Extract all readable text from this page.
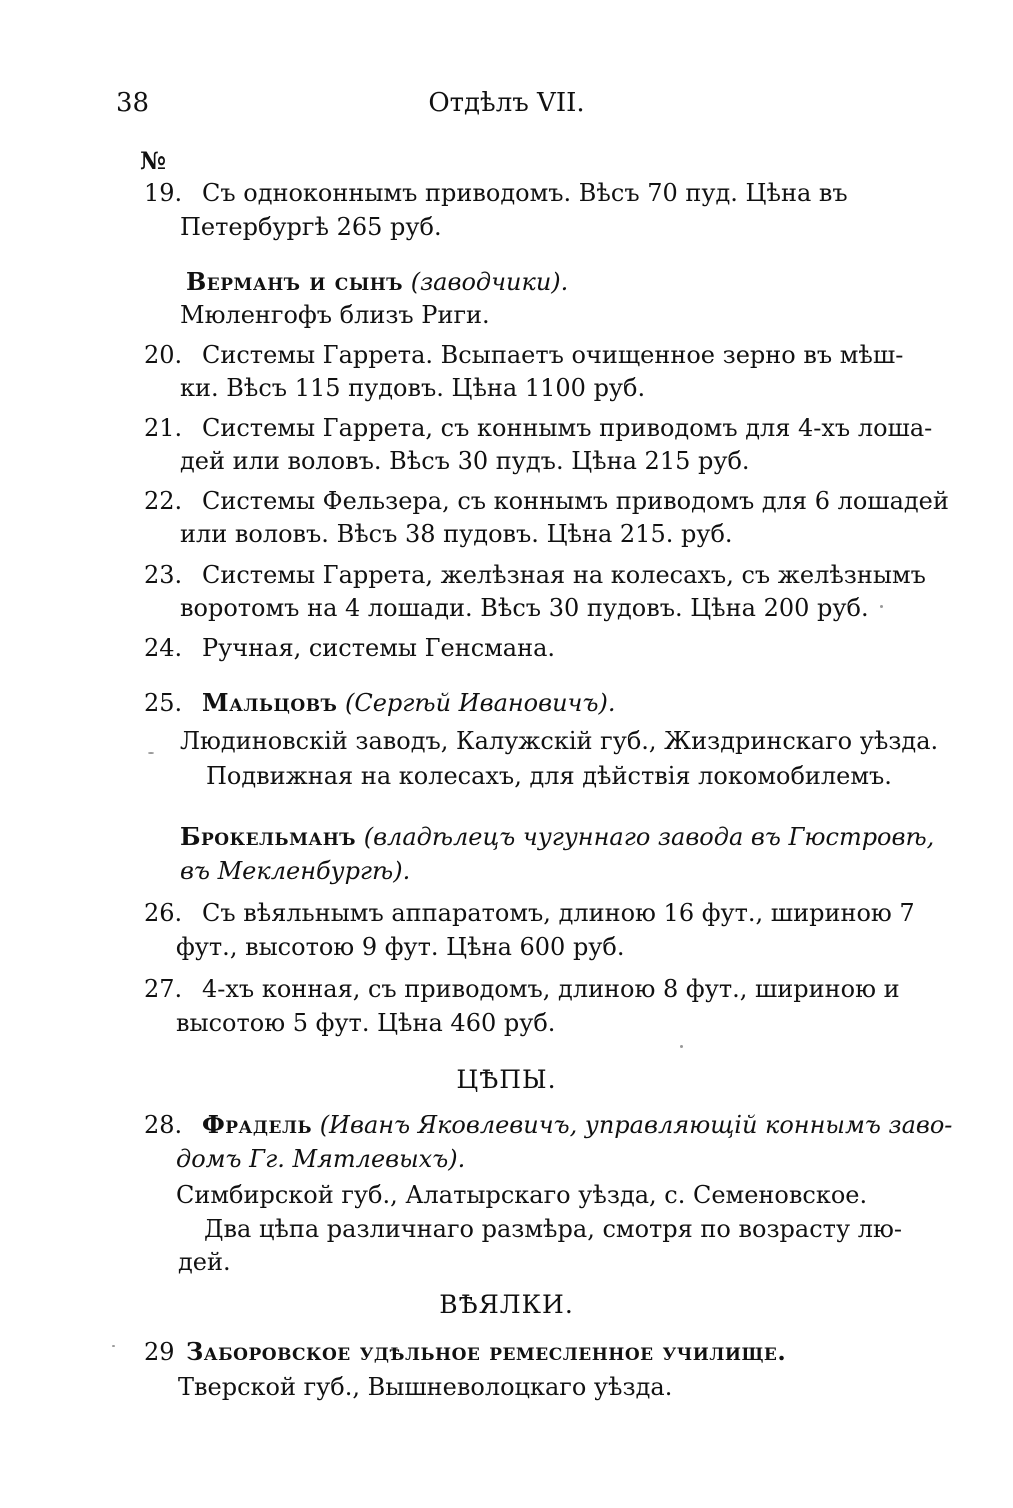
38	Отдѣлъ VII.
№
19. Съ одноконнымъ приводомъ. Вѣсъ 70 пуд. Цѣна въ
Петербургѣ 265 руб.
Верманъ и сынъ (заводчики).
Мюленгофъ близъ Риги.
20. Системы Гаррета. Всыпаетъ очищенное зерно въ мѣш-
ки. Вѣсъ 115 пудовъ. Цѣна 1100 руб.
21. Системы Гаррета, съ коннымъ приводомъ для 4-хъ лоша-
дей или воловъ. Вѣсъ 30 пудъ. Цѣна 215 руб.
22. Системы Фельзера, съ коннымъ приводомъ для 6 лошадей
или воловъ. Вѣсъ 38 пудовъ. Цѣна 215. руб.
23. Системы Гаррета, желѣзная на колесахъ, съ желѣзнымъ
воротомъ на 4 лошади. Вѣсъ 30 пудовъ. Цѣна 200 руб.
24. Ручная, системы Генсмана.
25. Мальцовъ (Сергѣй Ивановичъ).
Людиновскій заводъ, Калужскій губ., Жиздринскаго уѣзда.
Подвижная на колесахъ, для дѣйствія локомобилемъ.
Брокельманъ (владѣлецъ чугуннаго завода въ Гюстровѣ,
въ Мекленбургѣ).
26. Съ вѣяльнымъ аппаратомъ, длиною 16 фут., шириною 7
фут., высотою 9 фут. Цѣна 600 руб.
27. 4-хъ конная, съ приводомъ, длиною 8 фут., шириною и
высотою 5 фут. Цѣна 460 руб.
ЦѢПЫ.
28. Фрадель (Иванъ Яковлевичъ, управляющій коннымъ заво-
домъ Гг. Мятлевыхъ).
Симбирской губ., Алатырскаго уѣзда, с. Семеновское.
Два цѣпа различнаго размѣра, смотря по возрасту лю-
дей.
ВѢЯЛКИ.
29 Заборовское удѣльное ремесленное училище.
Тверской губ., Вышневолоцкаго уѣзда.
